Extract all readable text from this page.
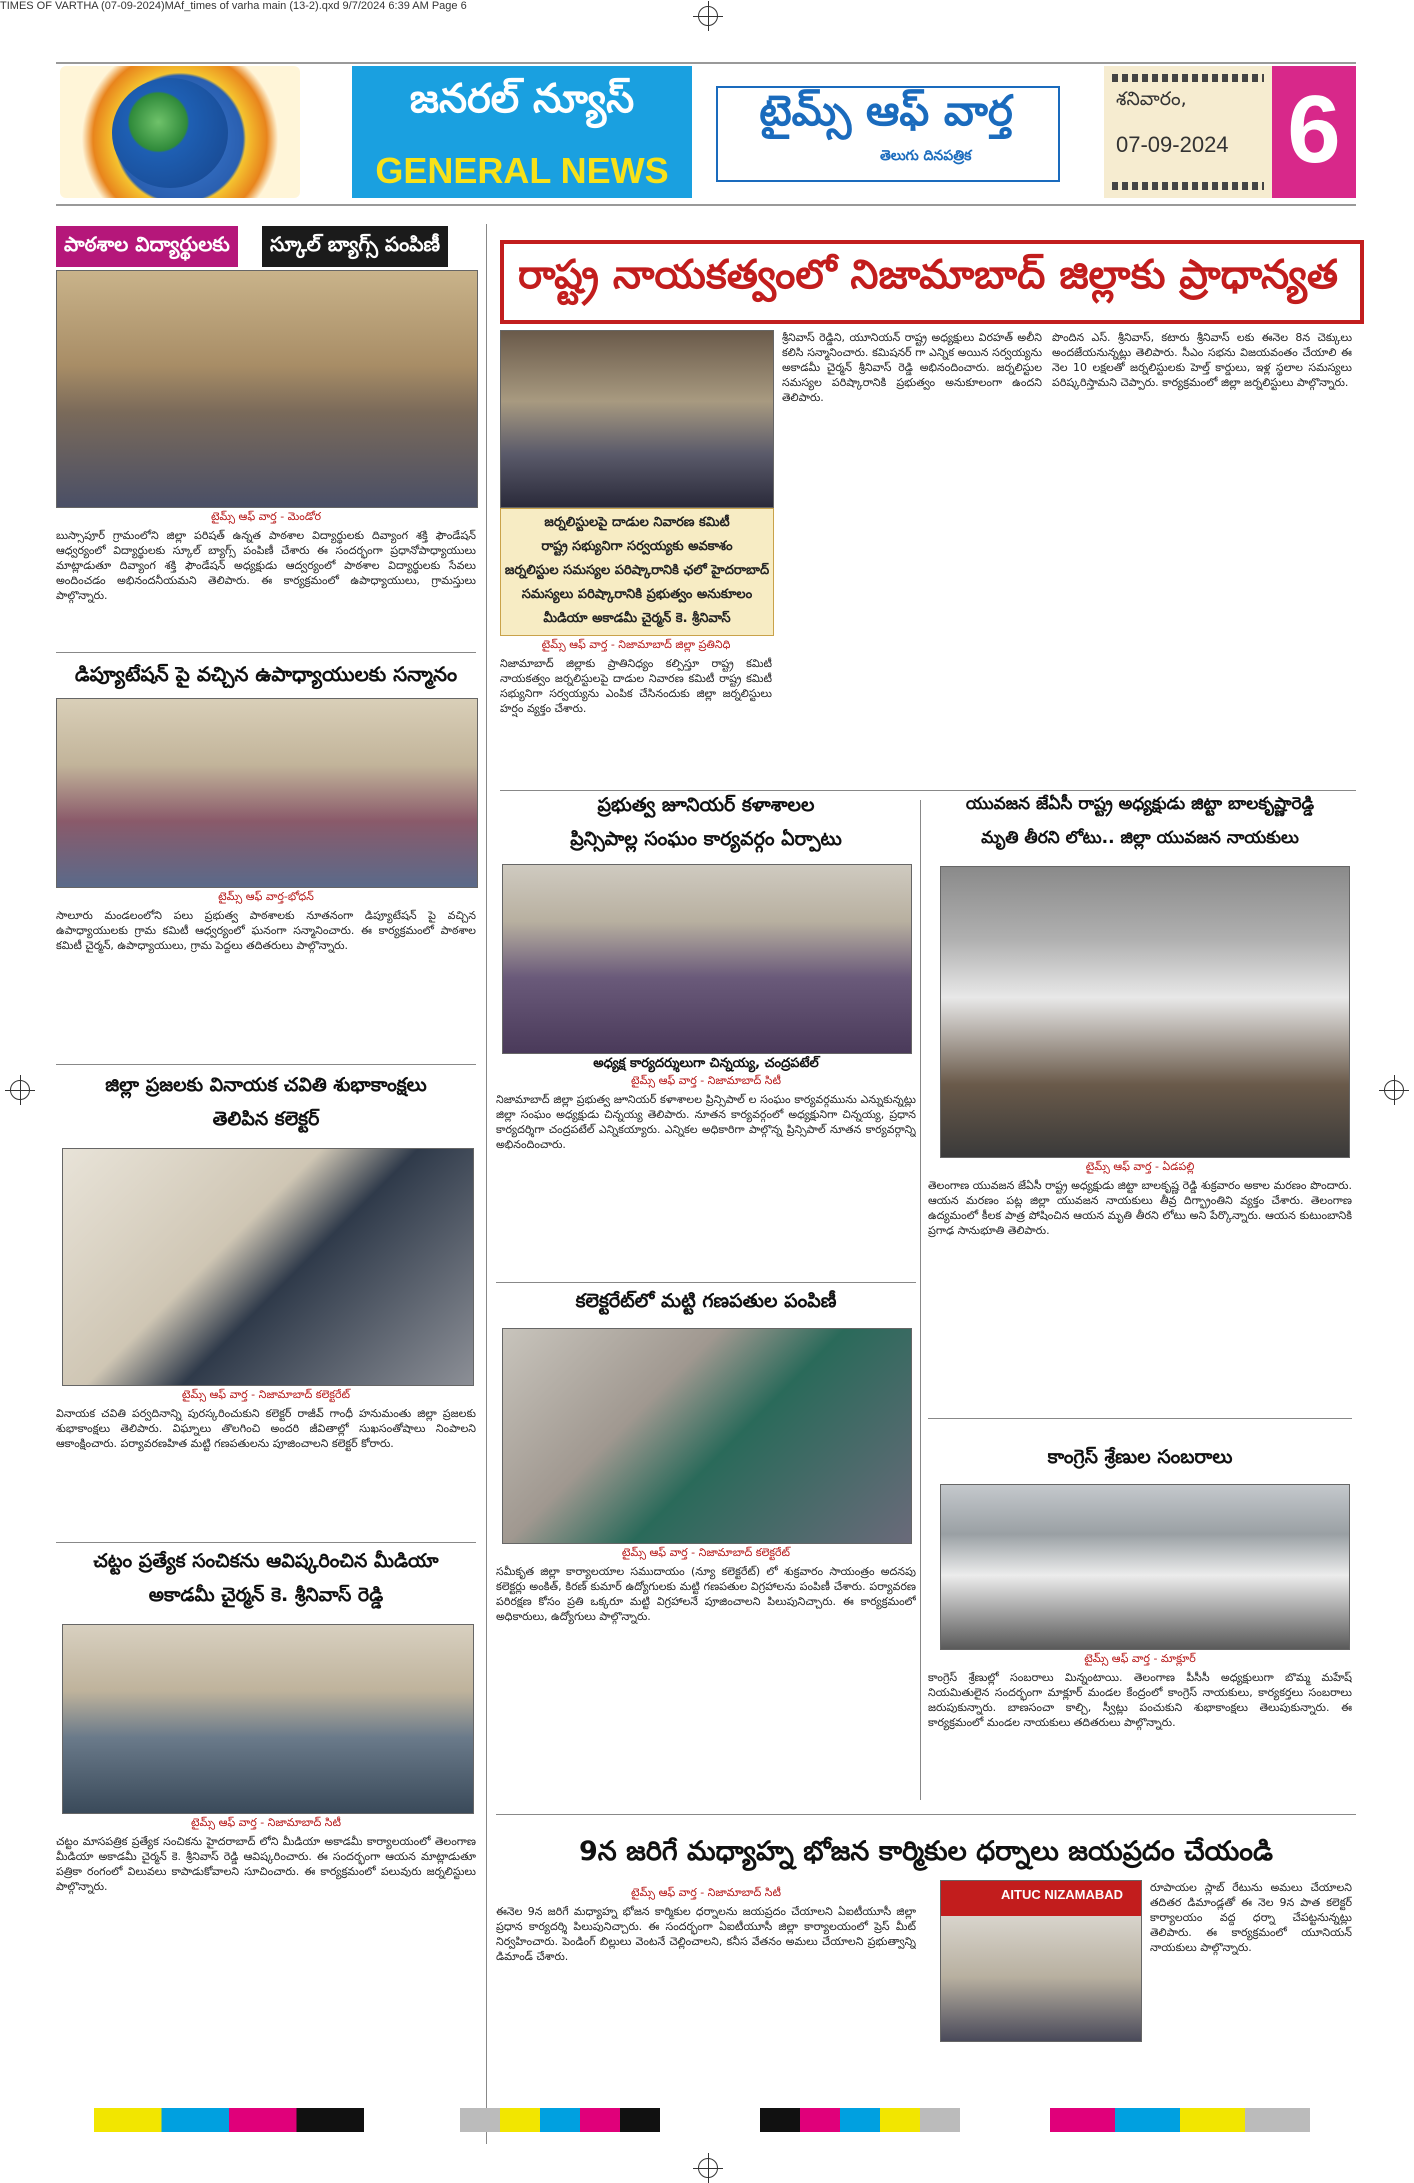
TIMES OF VARTHA (07-09-2024)MAf_times of varha main (13-2).qxd 9/7/2024 6:39 AM Page 6
జనరల్ న్యూస్
GENERAL NEWS
టైమ్స్ ఆఫ్ వార్త
తెలుగు దినపత్రిక
శనివారం,
07-09-2024 6
పాఠశాల విద్యార్థులకు	స్కూల్ బ్యాగ్స్ పంపిణీ
టైమ్స్ ఆఫ్ వార్త - మెండోర
బుస్సాపూర్ గ్రామంలోని జిల్లా పరిషత్ ఉన్నత పాఠశాల విద్యార్థులకు దివ్యాంగ శక్తి ఫౌండేషన్ ఆధ్వర్యంలో విద్యార్థులకు స్కూల్ బ్యాగ్స్ పంపిణీ చేశారు ఈ సందర్భంగా ప్రధానోపాధ్యాయులు మాట్లాడుతూ దివ్యాంగ శక్తి ఫౌండేషన్ అధ్యక్షుడు ఆద్వర్యంలో పాఠశాల విద్యార్థులకు సేవలు అందించడం అభినందనీయమని తెలిపారు. ఈ కార్యక్రమంలో ఉపాధ్యాయులు, గ్రామస్తులు పాల్గొన్నారు.
డిప్యూటేషన్ పై వచ్చిన ఉపాధ్యాయులకు సన్మానం
టైమ్స్ ఆఫ్ వార్త-భోధన్
సాలూరు మండలంలోని పలు ప్రభుత్వ పాఠశాలకు నూతనంగా డిప్యూటేషన్ పై వచ్చిన ఉపాధ్యాయులకు గ్రామ కమిటీ ఆధ్వర్యంలో ఘనంగా సన్మానించారు. ఈ కార్యక్రమంలో పాఠశాల కమిటీ చైర్మన్, ఉపాధ్యాయులు, గ్రామ పెద్దలు తదితరులు పాల్గొన్నారు.
జిల్లా ప్రజలకు వినాయక చవితి శుభాకాంక్షలు
తెలిపిన కలెక్టర్
టైమ్స్ ఆఫ్ వార్త - నిజామాబాద్ కలెక్టరేట్
వినాయక చవితి పర్వదినాన్ని పురస్కరించుకుని కలెక్టర్ రాజీవ్ గాంధీ హనుమంతు జిల్లా ప్రజలకు శుభాకాంక్షలు తెలిపారు. విఘ్నాలు తొలగించి అందరి జీవితాల్లో సుఖసంతోషాలు నింపాలని ఆకాంక్షించారు. పర్యావరణహిత మట్టి గణపతులను పూజించాలని కలెక్టర్ కోరారు.
చట్టం ప్రత్యేక సంచికను ఆవిష్కరించిన మీడియా
అకాడమీ చైర్మన్ కె. శ్రీనివాస్ రెడ్డి
టైమ్స్ ఆఫ్ వార్త - నిజామాబాద్ సిటీ
చట్టం మాసపత్రిక ప్రత్యేక సంచికను హైదరాబాద్ లోని మీడియా అకాడమీ కార్యాలయంలో తెలంగాణ మీడియా అకాడమీ చైర్మన్ కె. శ్రీనివాస్ రెడ్డి ఆవిష్కరించారు. ఈ సందర్భంగా ఆయన మాట్లాడుతూ పత్రికా రంగంలో విలువలు కాపాడుకోవాలని సూచించారు. ఈ కార్యక్రమంలో పలువురు జర్నలిస్టులు పాల్గొన్నారు.
రాష్ట్ర నాయకత్వంలో నిజామాబాద్ జిల్లాకు ప్రాధాన్యత
జర్నలిస్టులపై దాడుల నివారణ కమిటీ
రాష్ట్ర సభ్యునిగా సర్వయ్యకు అవకాశం
జర్నలిస్టుల సమస్యల పరిష్కారానికి ఛలో హైదరాబాద్
సమస్యలు పరిష్కారానికి ప్రభుత్వం అనుకూలం
మీడియా అకాడమీ చైర్మన్ కె. శ్రీనివాస్
టైమ్స్ ఆఫ్ వార్త - నిజామాబాద్ జిల్లా ప్రతినిధి
నిజామాబాద్ జిల్లాకు ప్రాతినిధ్యం కల్పిస్తూ రాష్ట్ర కమిటీ నాయకత్వం జర్నలిస్టులపై దాడుల నివారణ కమిటీ రాష్ట్ర కమిటీ సభ్యునిగా సర్వయ్యను ఎంపిక చేసినందుకు జిల్లా జర్నలిస్టులు హర్షం వ్యక్తం చేశారు.
శ్రీనివాస్ రెడ్డిని, యూనియన్ రాష్ట్ర అధ్యక్షులు విరహత్ అలీని కలిసి సన్మానించారు. కమిషనర్ గా ఎన్నిక అయిన సర్వయ్యను అకాడమీ చైర్మన్ శ్రీనివాస్ రెడ్డి అభినందించారు. జర్నలిస్టుల సమస్యల పరిష్కారానికి ప్రభుత్వం అనుకూలంగా ఉందని తెలిపారు.
పొందిన ఎస్. శ్రీనివాస్, కటారు శ్రీనివాస్ లకు ఈనెల 8న చెక్కులు అందజేయనున్నట్లు తెలిపారు. సీఎం సభను విజయవంతం చేయాలి ఈ నెల 10 లక్షలతో జర్నలిస్టులకు హెల్త్ కార్డులు, ఇళ్ల స్థలాల సమస్యలు పరిష్కరిస్తామని చెప్పారు. కార్యక్రమంలో జిల్లా జర్నలిస్టులు పాల్గొన్నారు.
ప్రభుత్వ జూనియర్ కళాశాలల
ప్రిన్సిపాల్ల సంఘం కార్యవర్గం ఏర్పాటు
అధ్యక్ష కార్యదర్శులుగా చిన్నయ్య, చంద్రపటేల్
టైమ్స్ ఆఫ్ వార్త - నిజామాబాద్ సిటీ
నిజామాబాద్ జిల్లా ప్రభుత్వ జూనియర్ కళాశాలల ప్రిన్సిపాల్ ల సంఘం కార్యవర్గమును ఎన్నుకున్నట్లు జిల్లా సంఘం అధ్యక్షుడు చిన్నయ్య తెలిపారు. నూతన కార్యవర్గంలో అధ్యక్షునిగా చిన్నయ్య, ప్రధాన కార్యదర్శిగా చంద్రపటేల్ ఎన్నికయ్యారు. ఎన్నికల అధికారిగా పాల్గొన్న ప్రిన్సిపాల్ నూతన కార్యవర్గాన్ని అభినందించారు.
కలెక్టరేట్‌లో మట్టి గణపతుల పంపిణీ
టైమ్స్ ఆఫ్ వార్త - నిజామాబాద్ కలెక్టరేట్
సమీకృత జిల్లా కార్యాలయాల సముదాయం (న్యూ కలెక్టరేట్) లో శుక్రవారం సాయంత్రం అదనపు కలెక్టర్లు అంకిత్, కిరణ్ కుమార్ ఉద్యోగులకు మట్టి గణపతుల విగ్రహాలను పంపిణీ చేశారు. పర్యావరణ పరిరక్షణ కోసం ప్రతి ఒక్కరూ మట్టి విగ్రహాలనే పూజించాలని పిలుపునిచ్చారు. ఈ కార్యక్రమంలో అధికారులు, ఉద్యోగులు పాల్గొన్నారు.
యువజన జేఏసీ రాష్ట్ర అధ్యక్షుడు జిట్టా బాలకృష్ణారెడ్డి
మృతి తీరని లోటు.. జిల్లా యువజన నాయకులు
టైమ్స్ ఆఫ్ వార్త - ఏడపల్లి
తెలంగాణ యువజన జేఏసీ రాష్ట్ర అధ్యక్షుడు జిట్టా బాలకృష్ణ రెడ్డి శుక్రవారం అకాల మరణం పొందారు. ఆయన మరణం పట్ల జిల్లా యువజన నాయకులు తీవ్ర దిగ్భ్రాంతిని వ్యక్తం చేశారు. తెలంగాణ ఉద్యమంలో కీలక పాత్ర పోషించిన ఆయన మృతి తీరని లోటు అని పేర్కొన్నారు. ఆయన కుటుంబానికి ప్రగాఢ సానుభూతి తెలిపారు.
కాంగ్రెస్ శ్రేణుల సంబరాలు
టైమ్స్ ఆఫ్ వార్త - మాక్లూర్
కాంగ్రెస్ శ్రేణుల్లో సంబరాలు మిన్నంటాయి. తెలంగాణ పీసీసీ అధ్యక్షులుగా బొమ్మ మహేష్ నియమితులైన సందర్భంగా మాక్లూర్ మండల కేంద్రంలో కాంగ్రెస్ నాయకులు, కార్యకర్తలు సంబరాలు జరుపుకున్నారు. బాణసంచా కాల్చి, స్వీట్లు పంచుకుని శుభాకాంక్షలు తెలుపుకున్నారు. ఈ కార్యక్రమంలో మండల నాయకులు తదితరులు పాల్గొన్నారు.
9న జరిగే మధ్యాహ్న భోజన కార్మికుల ధర్నాలు జయప్రదం చేయండి
టైమ్స్ ఆఫ్ వార్త - నిజామాబాద్ సిటీ
ఈనెల 9న జరిగే మధ్యాహ్న భోజన కార్మికుల ధర్నాలను జయప్రదం చేయాలని ఏఐటీయూసీ జిల్లా ప్రధాన కార్యదర్శి పిలుపునిచ్చారు. ఈ సందర్భంగా ఏఐటీయూసీ జిల్లా కార్యాలయంలో ప్రెస్ మీట్ నిర్వహించారు. పెండింగ్ బిల్లులు వెంటనే చెల్లించాలని, కనీస వేతనం అమలు చేయాలని ప్రభుత్వాన్ని డిమాండ్ చేశారు.
AITUC NIZAMABAD రూపాయల స్లాబ్ రేటును అమలు చేయాలని తదితర డిమాండ్లతో ఈ నెల 9న పాత కలెక్టర్ కార్యాలయం వద్ద ధర్నా చేపట్టనున్నట్లు తెలిపారు. ఈ కార్యక్రమంలో యూనియన్ నాయకులు పాల్గొన్నారు.
